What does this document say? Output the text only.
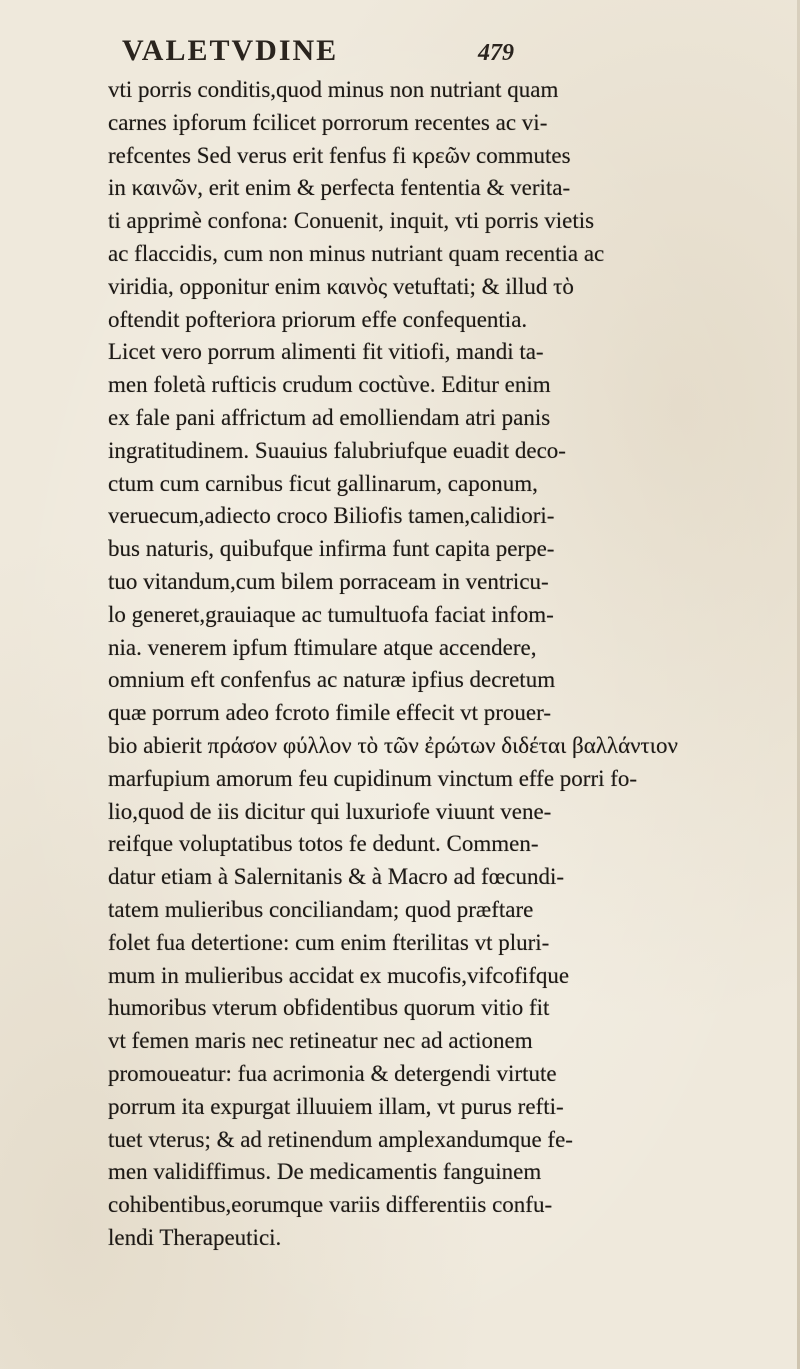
VALETVDINE	479
vti porris conditis,quod minus non nutriant quam
carnes ipforum fcilicet porrorum recentes ac vi-
refcentes Sed verus erit fenfus fi κρεῶν commutes
in καινῶν, erit enim & perfecta fententia & verita-
ti apprimè confona: Conuenit, inquit, vti porris vietis
ac flaccidis, cum non minus nutriant quam recentia ac
viridia, opponitur enim καινὸς vetuftati; & illud τὸ
oftendit pofteriora priorum effe confequentia.
Licet vero porrum alimenti fit vitiofi, mandi ta-
men foletà rufticis crudum coctùve. Editur enim
ex fale pani affrictum ad emolliendam atri panis
ingratitudinem. Suauius falubriufque euadit deco-
ctum cum carnibus ficut gallinarum, caponum,
veruecum,adiecto croco Biliofis tamen,calidiori-
bus naturis, quibufque infirma funt capita perpe-
tuo vitandum,cum bilem porraceam in ventricu-
lo generet,grauiaque ac tumultuofa faciat infom-
nia. venerem ipfum ftimulare atque accendere,
omnium eft confenfus ac naturæ ipfius decretum
quæ porrum adeo fcroto fimile effecit vt prouer-
bio abierit πράσον φύλλον τὸ τῶν ἐρώτων διδέται βαλλάντιον
marfupium amorum feu cupidinum vinctum effe porri fo-
lio,quod de iis dicitur qui luxuriofe viuunt vene-
reifque voluptatibus totos fe dedunt. Commen-
datur etiam à Salernitanis & à Macro ad fœcundi-
tatem mulieribus conciliandam; quod præftare
folet fua detertione: cum enim fterilitas vt pluri-
mum in mulieribus accidat ex mucofis,vifcofifque
humoribus vterum obfidentibus quorum vitio fit
vt femen maris nec retineatur nec ad actionem
promoueatur: fua acrimonia & detergendi virtute
porrum ita expurgat illuuiem illam, vt purus refti-
tuet vterus; & ad retinendum amplexandumque fe-
men validiffimus. De medicamentis fanguinem
cohibentibus,eorumque variis differentiis confu-
lendi Therapeutici.
